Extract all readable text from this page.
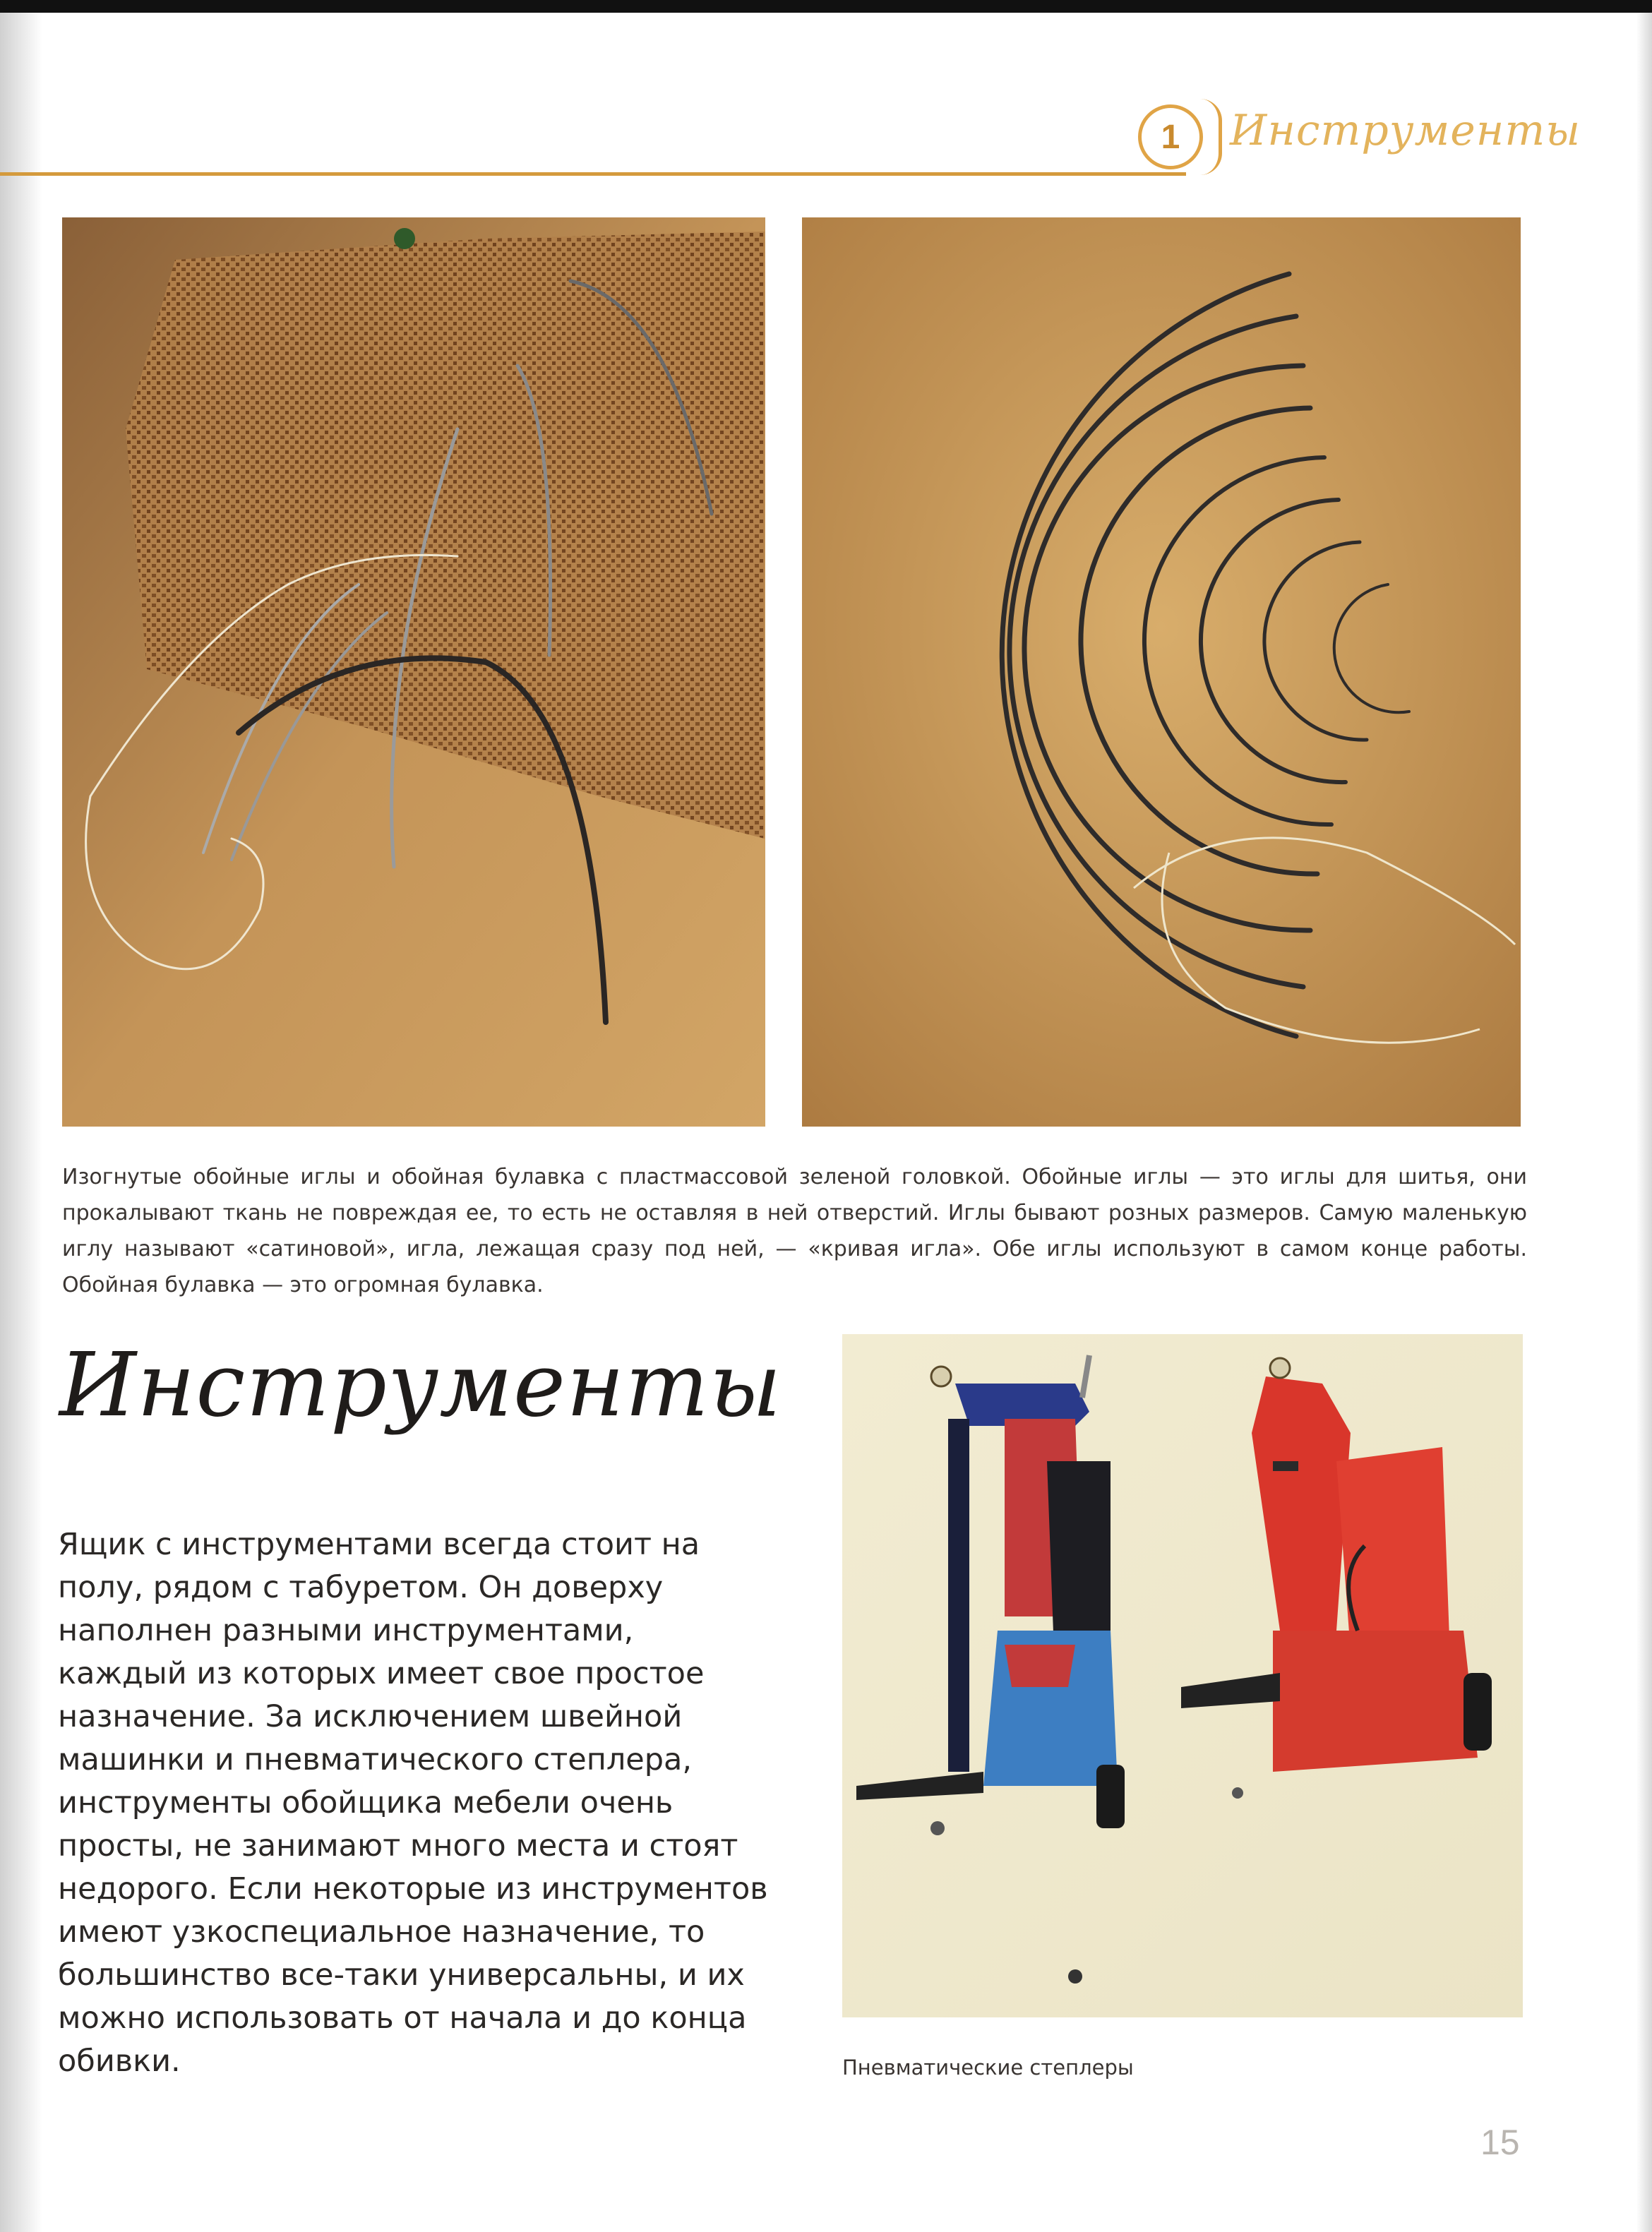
1 Инструменты
Изогнутые обойные иглы и обойная булавка с пластмассовой зеленой головкой. Обойные иглы — это иглы для шитья, они прокалывают ткань не повреждая ее, то есть не оставляя в ней отверстий. Иглы бывают розных размеров. Самую маленькую иглу называют «сатиновой», игла, лежащая сразу под ней, — «кривая игла». Обе иглы используют в самом конце работы. Обойная булавка — это огромная булавка.
Инструменты
Ящик с инструментами всегда стоит на полу, рядом с табуретом. Он доверху наполнен разными инструментами, каждый из которых имеет свое простое назначение. За исключением швейной машинки и пневматического степлера, инструменты обойщика мебели очень просты, не занимают много места и стоят недорого. Если некоторые из инструментов имеют узкоспециальное назначение, то большинство все-таки универсальны, и их можно использовать от начала и до конца обивки.	Пневматические степлеры
15
